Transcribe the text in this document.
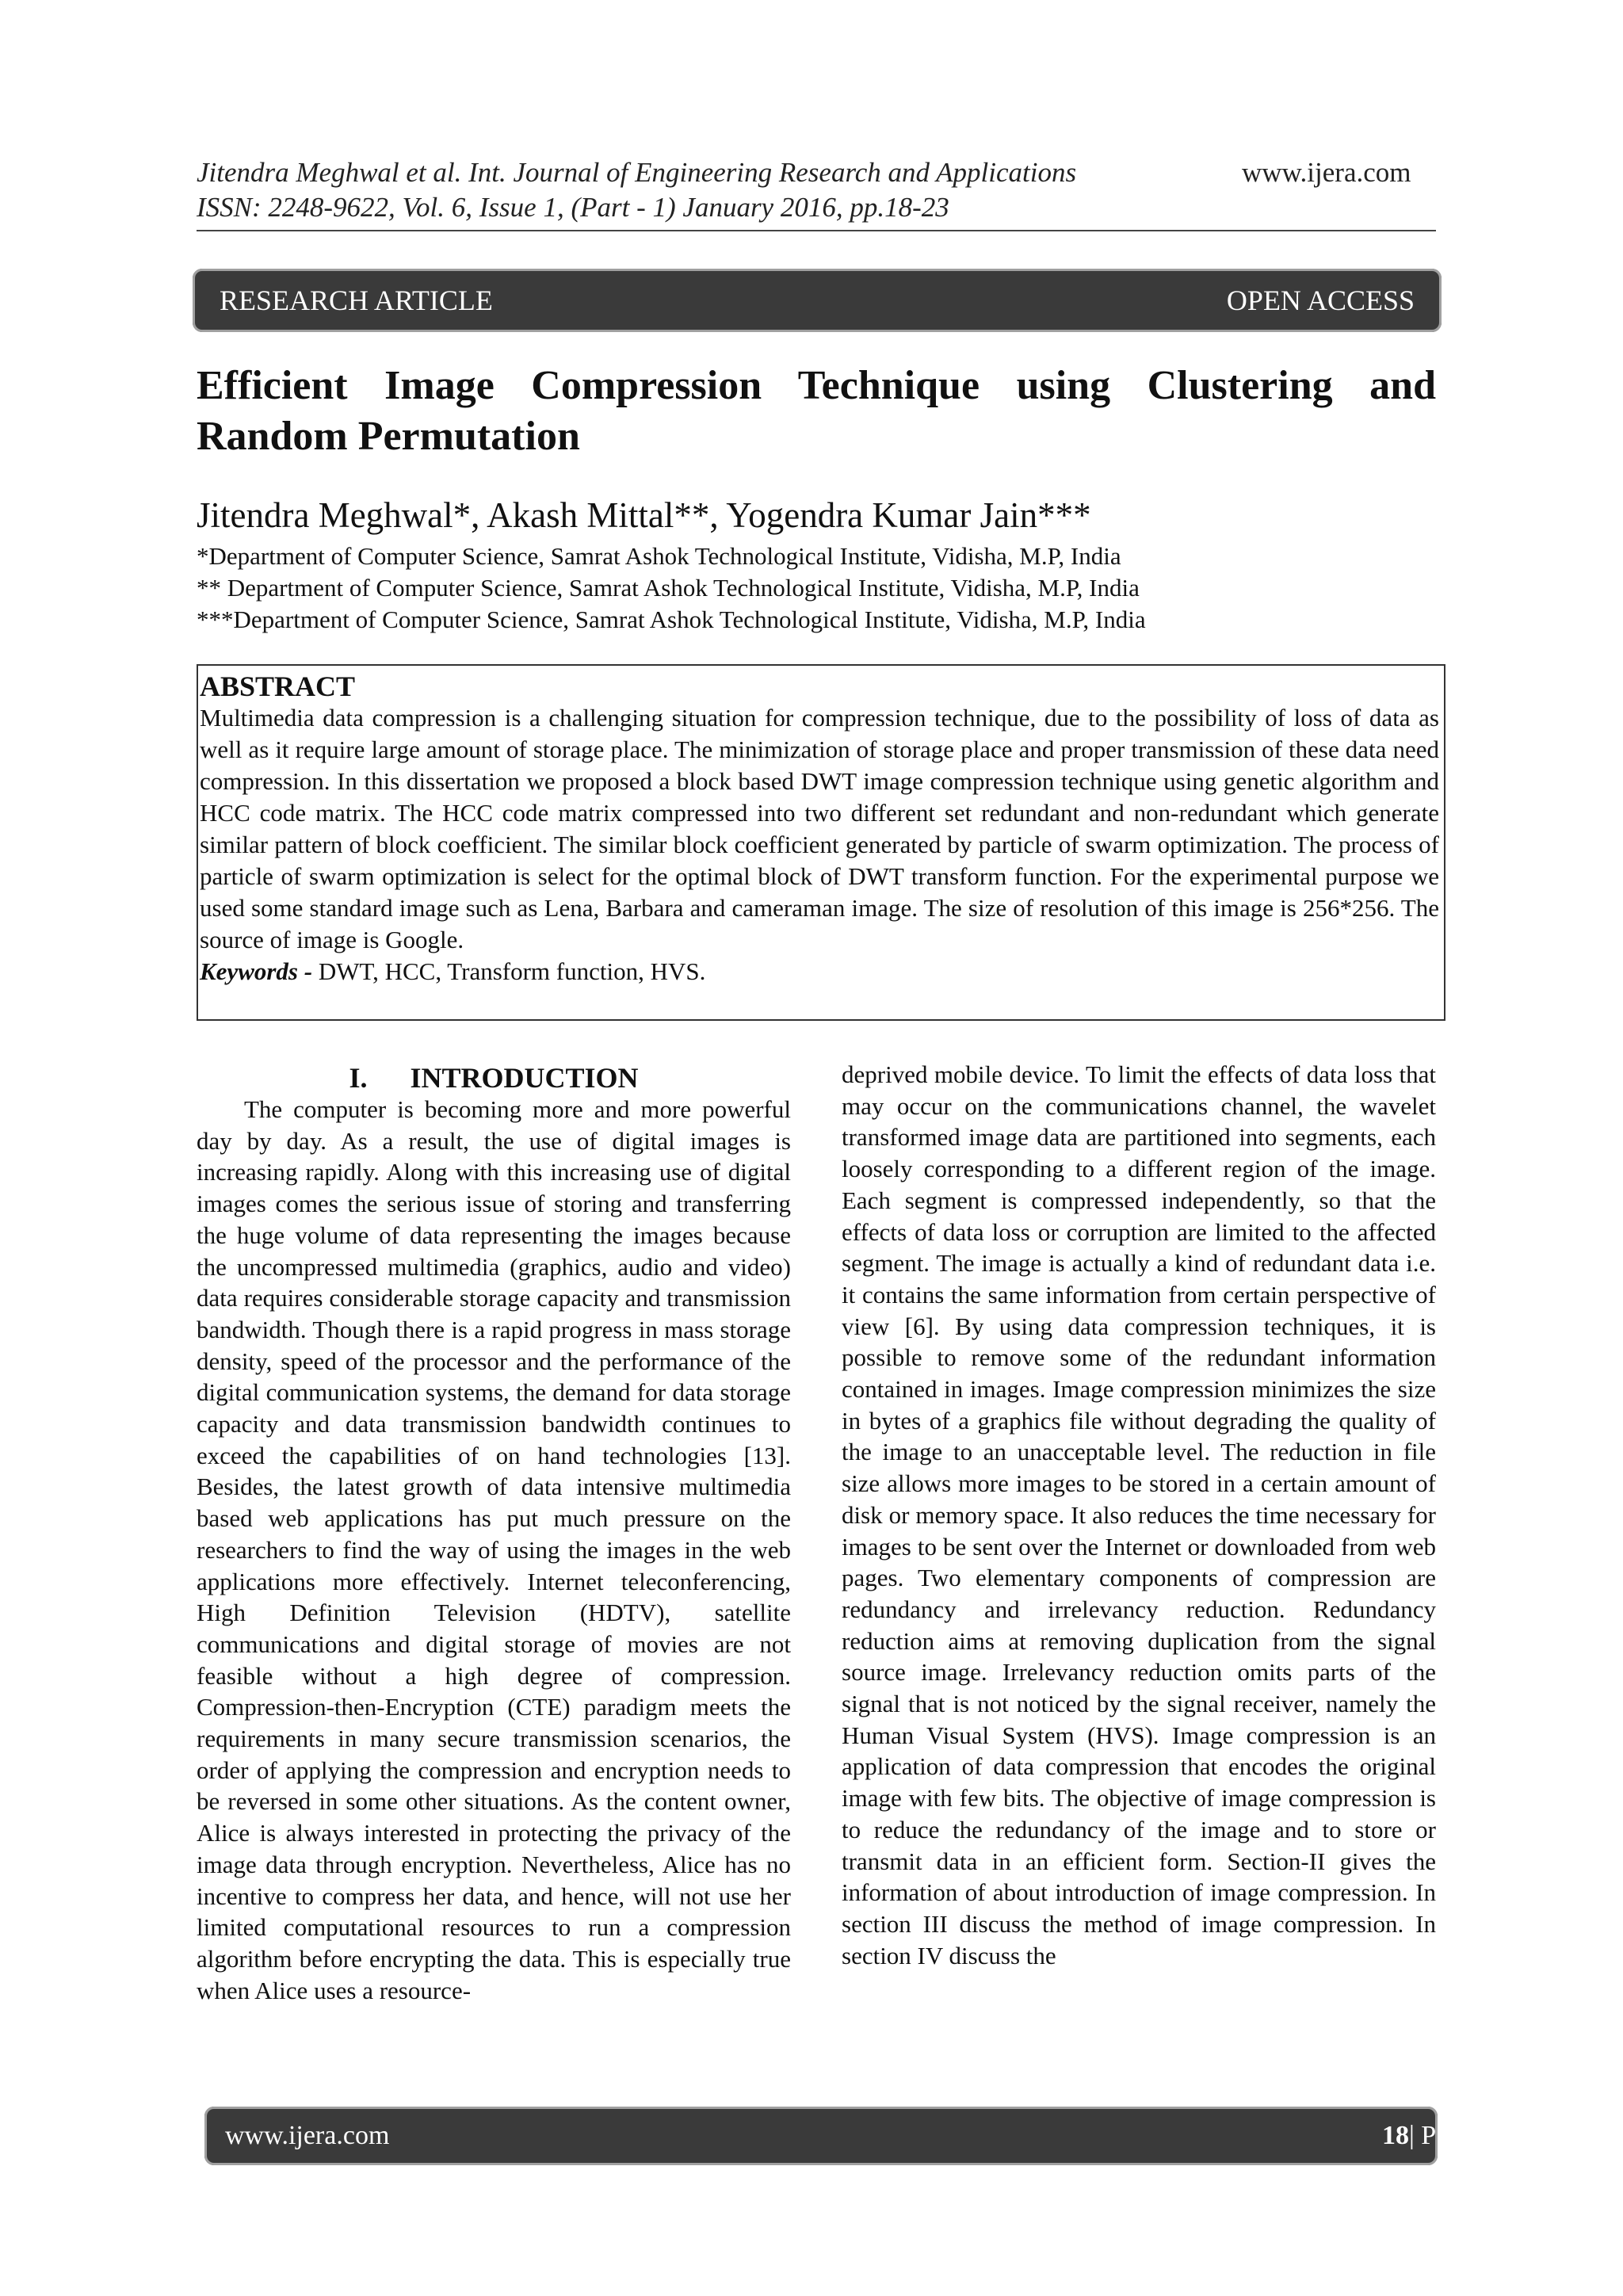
Jitendra Meghwal et al. Int. Journal of Engineering Research and Applications
ISSN: 2248-9622, Vol. 6, Issue 1, (Part - 1) January 2016, pp.18-23
www.ijera.com
RESEARCH ARTICLE	OPEN ACCESS
Efficient Image Compression Technique using Clustering and Random Permutation
Jitendra Meghwal*, Akash Mittal**, Yogendra Kumar Jain***
*Department of Computer Science, Samrat Ashok Technological Institute, Vidisha, M.P, India
** Department of Computer Science, Samrat Ashok Technological Institute, Vidisha, M.P, India
***Department of Computer Science, Samrat Ashok Technological Institute, Vidisha, M.P, India
ABSTRACT

Multimedia data compression is a challenging situation for compression technique, due to the possibility of loss of data as well as it require large amount of storage place. The minimization of storage place and proper transmission of these data need compression. In this dissertation we proposed a block based DWT image compression technique using genetic algorithm and HCC code matrix. The HCC code matrix compressed into two different set redundant and non-redundant which generate similar pattern of block coefficient. The similar block coefficient generated by particle of swarm optimization. The process of particle of swarm optimization is select for the optimal block of DWT transform function. For the experimental purpose we used some standard image such as Lena, Barbara and cameraman image. The size of resolution of this image is 256*256. The source of image is Google.

Keywords - DWT, HCC, Transform function, HVS.

I.      INTRODUCTION

The computer is becoming more and more powerful day by day. As a result, the use of digital images is increasing rapidly. Along with this increasing use of digital images comes the serious issue of storing and transferring the huge volume of data representing the images because the uncompressed multimedia (graphics, audio and video) data requires considerable storage capacity and transmission bandwidth. Though there is a rapid progress in mass storage density, speed of the processor and the performance of the digital communication systems, the demand for data storage capacity and data transmission bandwidth continues to exceed the capabilities of on hand technologies [13]. Besides, the latest growth of data intensive multimedia based web applications has put much pressure on the researchers to find the way of using the images in the web applications more effectively. Internet teleconferencing, High Definition Television (HDTV), satellite communications and digital storage of movies are not feasible without a high degree of compression. Compression-then-Encryption (CTE) paradigm meets the requirements in many secure transmission scenarios, the order of applying the compression and encryption needs to be reversed in some other situations. As the content owner, Alice is always interested in protecting the privacy of the image data through encryption. Nevertheless, Alice has no incentive to compress her data, and hence, will not use her limited computational resources to run a compression algorithm before encrypting the data. This is especially true when Alice uses a resource-

deprived mobile device. To limit the effects of data loss that may occur on the communications channel, the wavelet transformed image data are partitioned into segments, each loosely corresponding to a different region of the image. Each segment is compressed independently, so that the effects of data loss or corruption are limited to the affected segment. The image is actually a kind of redundant data i.e. it contains the same information from certain perspective of view [6]. By using data compression techniques, it is possible to remove some of the redundant information contained in images. Image compression minimizes the size in bytes of a graphics file without degrading the quality of the image to an unacceptable level. The reduction in file size allows more images to be stored in a certain amount of disk or memory space. It also reduces the time necessary for images to be sent over the Internet or downloaded from web pages. Two elementary components of compression are redundancy and irrelevancy reduction. Redundancy reduction aims at removing duplication from the signal source image. Irrelevancy reduction omits parts of the signal that is not noticed by the signal receiver, namely the Human Visual System (HVS). Image compression is an application of data compression that encodes the original image with few bits. The objective of image compression is to reduce the redundancy of the image and to store or transmit data in an efficient form. Section-II gives the information of about introduction of image compression. In section III discuss the method of image compression. In section IV discuss the

www.ijera.com	18 | P a g e
